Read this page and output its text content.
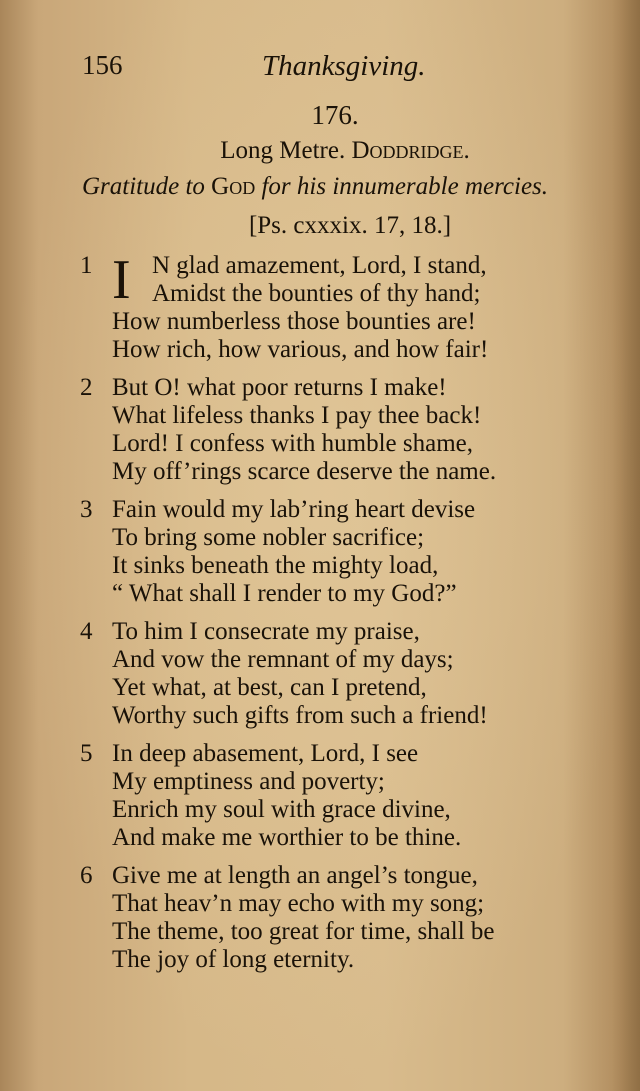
156	Thanksgiving.
176.
Long Metre. Doddridge.
Gratitude to God for his innumerable mercies.
[Ps. cxxxix. 17, 18.]
1 I N glad amazement, Lord, I stand,
Amidst the bounties of thy hand;
How numberless those bounties are!
How rich, how various, and how fair!
2 But O! what poor returns I make!
What lifeless thanks I pay thee back!
Lord! I confess with humble shame,
My off’rings scarce deserve the name.
3 Fain would my lab’ring heart devise
To bring some nobler sacrifice;
It sinks beneath the mighty load,
“ What shall I render to my God?”
4 To him I consecrate my praise,
And vow the remnant of my days;
Yet what, at best, can I pretend,
Worthy such gifts from such a friend!
5 In deep abasement, Lord, I see
My emptiness and poverty;
Enrich my soul with grace divine,
And make me worthier to be thine.
6 Give me at length an angel’s tongue,
That heav’n may echo with my song;
The theme, too great for time, shall be
The joy of long eternity.
